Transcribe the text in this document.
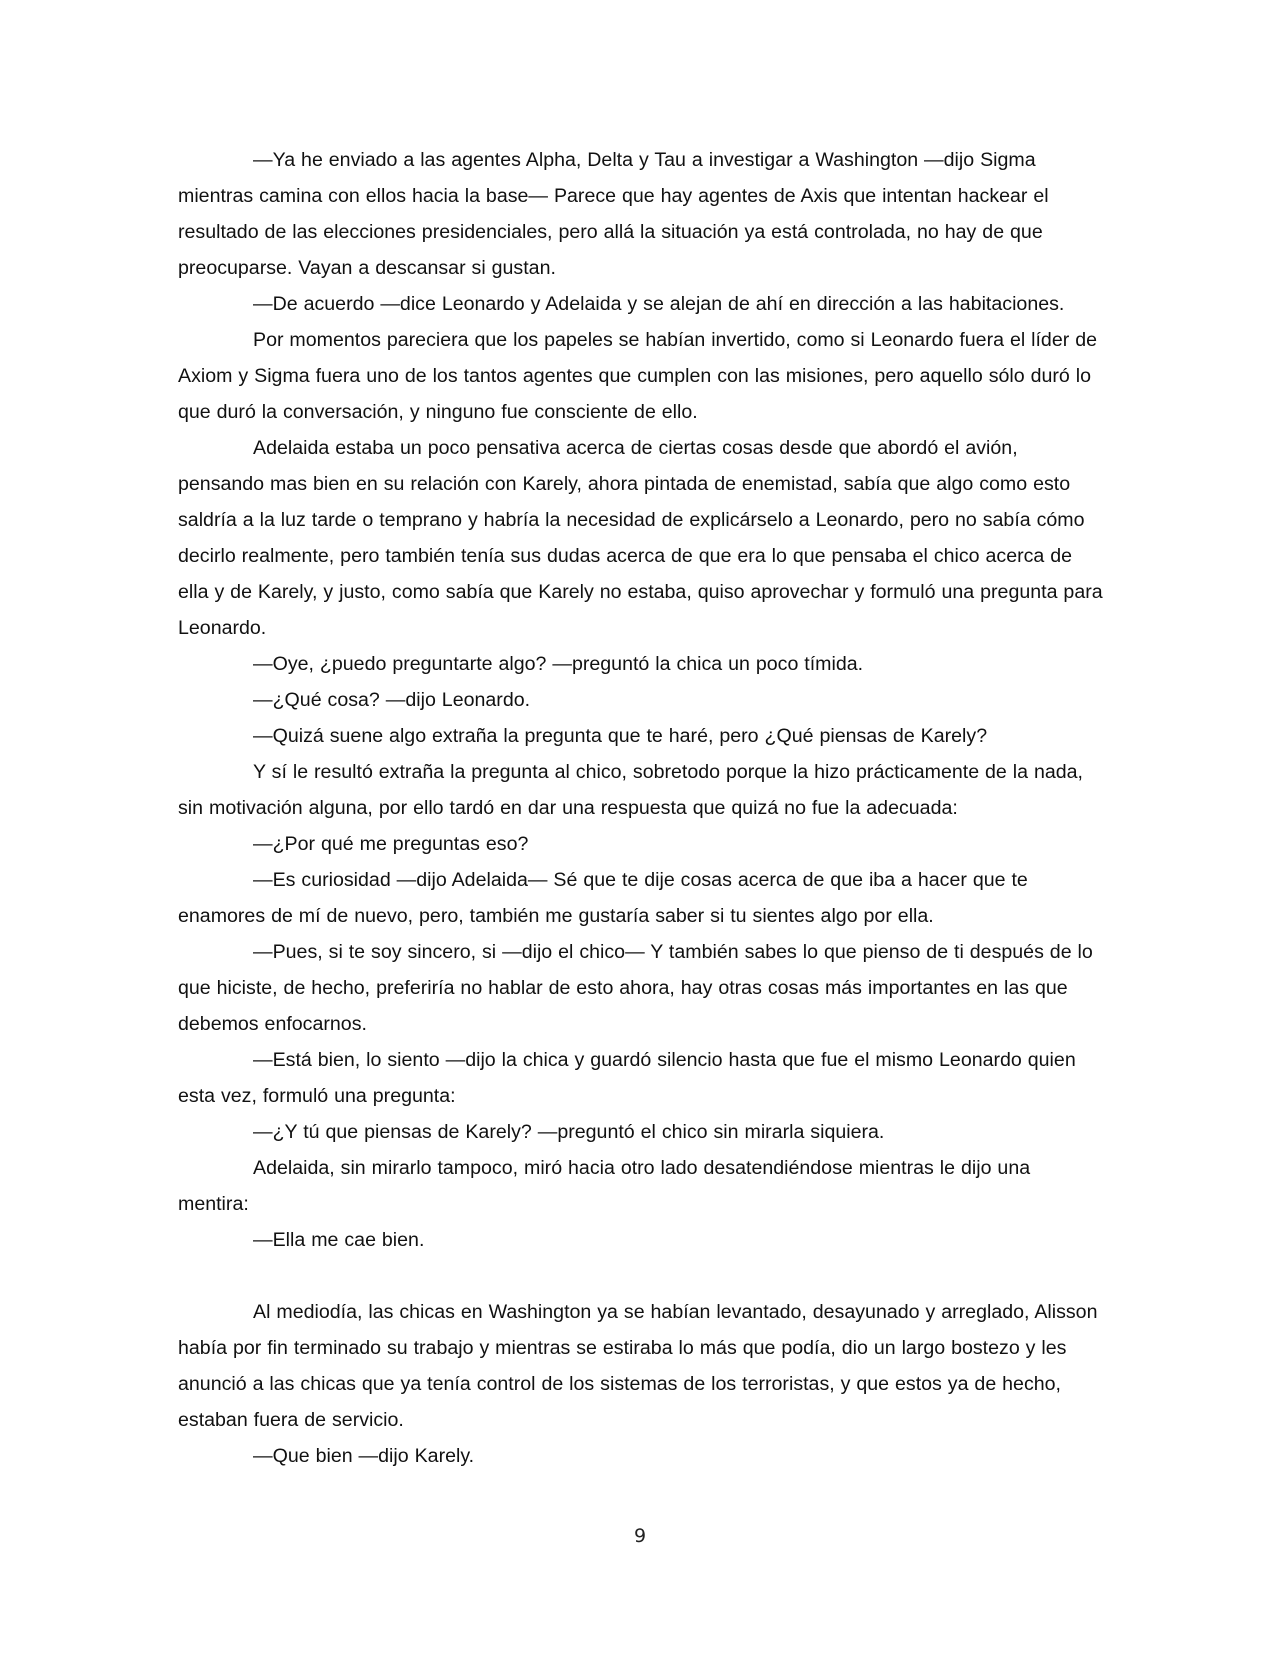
—Ya he enviado a las agentes Alpha, Delta y Tau a investigar a Washington —dijo Sigma mientras camina con ellos hacia la base— Parece que hay agentes de Axis que intentan hackear el resultado de las elecciones presidenciales, pero allá la situación ya está controlada, no hay de que preocuparse. Vayan a descansar si gustan.

—De acuerdo —dice Leonardo y Adelaida y se alejan de ahí en dirección a las habitaciones.

Por momentos pareciera que los papeles se habían invertido, como si Leonardo fuera el líder de Axiom y Sigma fuera uno de los tantos agentes que cumplen con las misiones, pero aquello sólo duró lo que duró la conversación, y ninguno fue consciente de ello.

Adelaida estaba un poco pensativa acerca de ciertas cosas desde que abordó el avión, pensando mas bien en su relación con Karely, ahora pintada de enemistad, sabía que algo como esto saldría a la luz tarde o temprano y habría la necesidad de explicárselo a Leonardo, pero no sabía cómo decirlo realmente, pero también tenía sus dudas acerca de que era lo que pensaba el chico acerca de ella y de Karely, y justo, como sabía que Karely no estaba, quiso aprovechar y formuló una pregunta para Leonardo.

—Oye, ¿puedo preguntarte algo? —preguntó la chica un poco tímida.

—¿Qué cosa? —dijo Leonardo.

—Quizá suene algo extraña la pregunta que te haré, pero ¿Qué piensas de Karely?

Y sí le resultó extraña la pregunta al chico, sobretodo porque la hizo prácticamente de la nada, sin motivación alguna, por ello tardó en dar una respuesta que quizá no fue la adecuada:

—¿Por qué me preguntas eso?

—Es curiosidad —dijo Adelaida— Sé que te dije cosas acerca de que iba a hacer que te enamores de mí de nuevo, pero, también me gustaría saber si tu sientes algo por ella.

—Pues, si te soy sincero, si —dijo el chico— Y también sabes lo que pienso de ti después de lo que hiciste, de hecho, preferiría no hablar de esto ahora, hay otras cosas más importantes en las que debemos enfocarnos.

—Está bien, lo siento —dijo la chica y guardó silencio hasta que fue el mismo Leonardo quien esta vez, formuló una pregunta:

—¿Y tú que piensas de Karely? —preguntó el chico sin mirarla siquiera.

Adelaida, sin mirarlo tampoco, miró hacia otro lado desatendiéndose mientras le dijo una mentira:

—Ella me cae bien.

Al mediodía, las chicas en Washington ya se habían levantado, desayunado y arreglado, Alisson había por fin terminado su trabajo y mientras se estiraba lo más que podía, dio un largo bostezo y les anunció a las chicas que ya tenía control de los sistemas de los terroristas, y que estos ya de hecho, estaban fuera de servicio.

—Que bien —dijo Karely.

9
